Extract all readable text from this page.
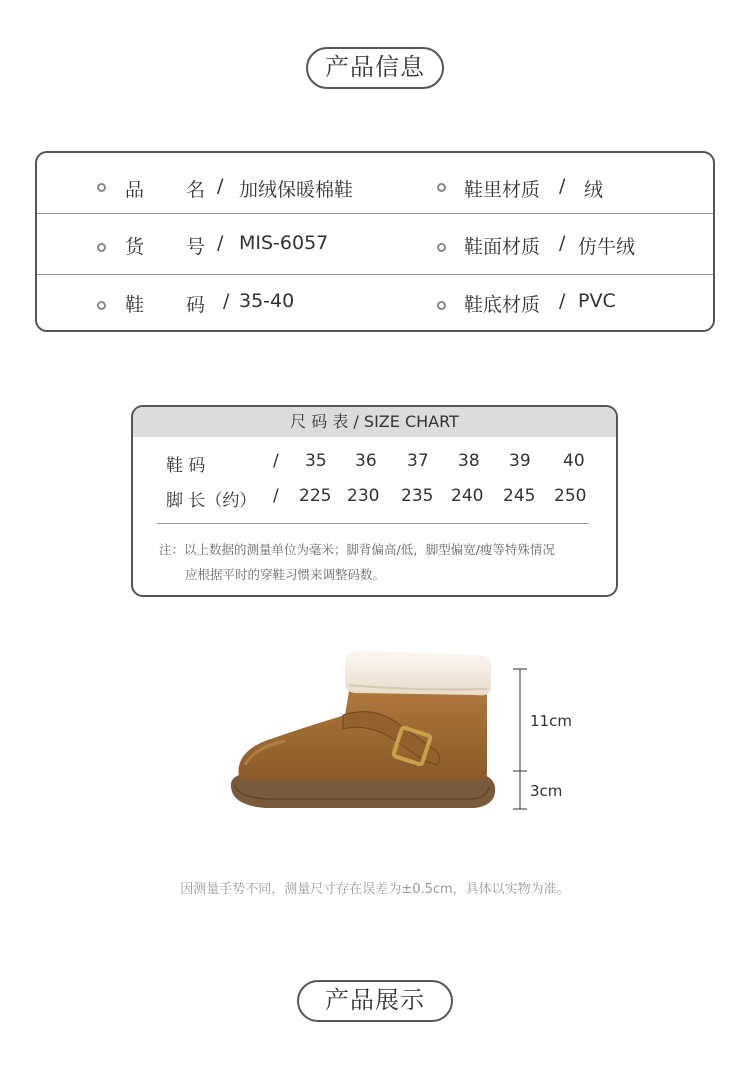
产品信息
品 名 / 加绒保暖棉鞋	鞋里材质 / 绒
货 号 / MIS-6057	鞋面材质 / 仿牛绒
鞋 码 / 35-40	鞋底材质 / PVC
尺 码 表 / SIZE CHART
鞋 码	/ 35 36 37 38 39 40
脚 长（约） / 225 230 235 240 245 250
注：以上数据的测量单位为毫米；脚背偏高/低，脚型偏宽/瘦等特殊情况
应根据平时的穿鞋习惯来调整码数。
11cm
3cm
因测量手势不同，测量尺寸存在误差为±0.5cm，具体以实物为准。
产品展示
